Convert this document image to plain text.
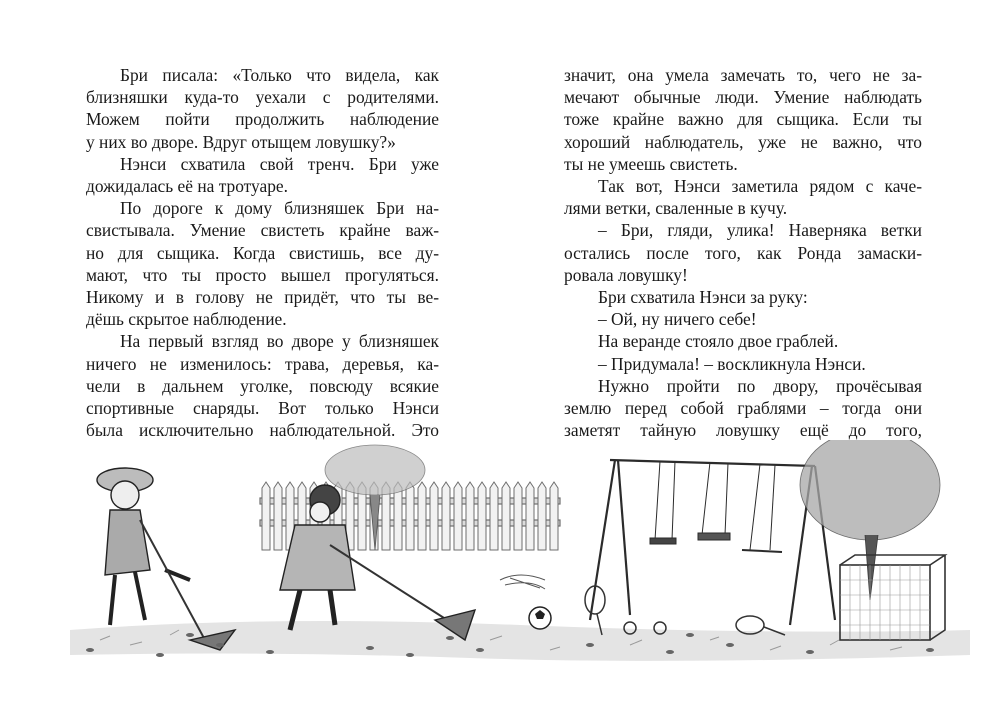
Бри писала: «Только что видела, как
близняшки куда-то уехали с родителями.
Можем пойти продолжить наблюдение
у них во дворе. Вдруг отыщем ловушку?»
Нэнси схватила свой тренч. Бри уже
дожидалась её на тротуаре.
По дороге к дому близняшек Бри на-
свистывала. Умение свистеть крайне важ-
но для сыщика. Когда свистишь, все ду-
мают, что ты просто вышел прогуляться.
Никому и в голову не придёт, что ты ве-
дёшь скрытое наблюдение.
На первый взгляд во дворе у близняшек
ничего не изменилось: трава, деревья, ка-
чели в дальнем уголке, повсюду всякие
спортивные снаряды. Вот только Нэнси
была исключительно наблюдательной. Это
значит, она умела замечать то, чего не за-
мечают обычные люди. Умение наблюдать
тоже крайне важно для сыщика. Если ты
хороший наблюдатель, уже не важно, что
ты не умеешь свистеть.
Так вот, Нэнси заметила рядом с каче-
лями ветки, сваленные в кучу.
– Бри, гляди, улика! Наверняка ветки
остались после того, как Ронда замаски-
ровала ловушку!
Бри схватила Нэнси за руку:
– Ой, ну ничего себе!
На веранде стояло двое граблей.
– Придумала! – воскликнула Нэнси.
Нужно пройти по двору, прочёсывая
землю перед собой граблями – тогда они
заметят тайную ловушку ещё до того,
